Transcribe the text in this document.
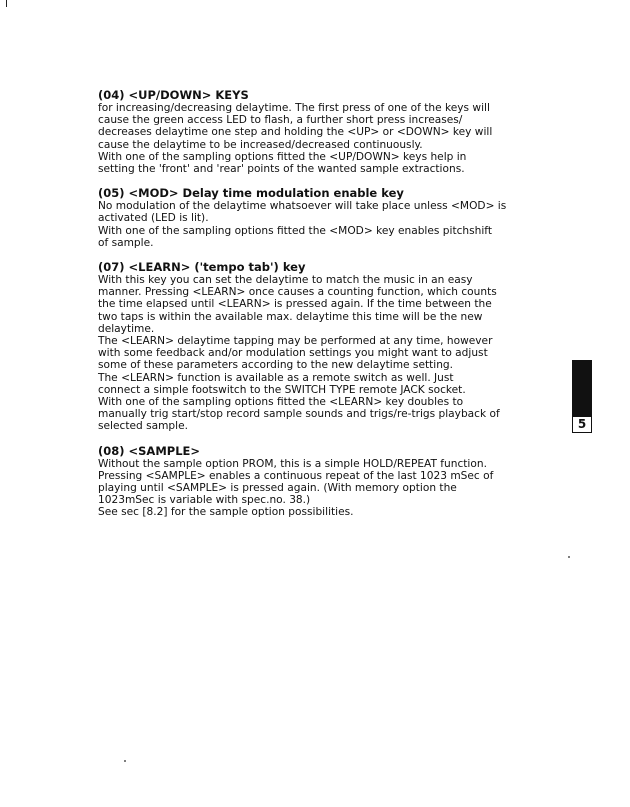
(04) <UP/DOWN> KEYS

for increasing/decreasing delaytime. The first press of one of the keys will

cause the green access LED to flash, a further short press increases/

decreases delaytime one step and holding the <UP> or <DOWN> key will

cause the delaytime to be increased/decreased continuously.

With one of the sampling options fitted the <UP/DOWN> keys help in

setting the 'front' and 'rear' points of the wanted sample extractions.

(05) <MOD> Delay time modulation enable key

No modulation of the delaytime whatsoever will take place unless <MOD> is

activated (LED is lit).

With one of the sampling options fitted the <MOD> key enables pitchshift

of sample.

(07) <LEARN> ('tempo tab') key

With this key you can set the delaytime to match the music in an easy

manner. Pressing <LEARN> once causes a counting function, which counts

the time elapsed until <LEARN> is pressed again. If the time between the

two taps is within the available max. delaytime this time will be the new

delaytime.

The <LEARN> delaytime tapping may be performed at any time, however

with some feedback and/or modulation settings you might want to adjust

some of these parameters according to the new delaytime setting.

The <LEARN> function is available as a remote switch as well. Just

connect a simple footswitch to the SWITCH TYPE remote JACK socket.

With one of the sampling options fitted the <LEARN> key doubles to

manually trig start/stop record sample sounds and trigs/re-trigs playback of

selected sample.

(08) <SAMPLE>

Without the sample option PROM, this is a simple HOLD/REPEAT function.

Pressing <SAMPLE> enables a continuous repeat of the last 1023 mSec of

playing until <SAMPLE> is pressed again. (With memory option the

1023mSec is variable with spec.no. 38.)

See sec [8.2] for the sample option possibilities.

5
